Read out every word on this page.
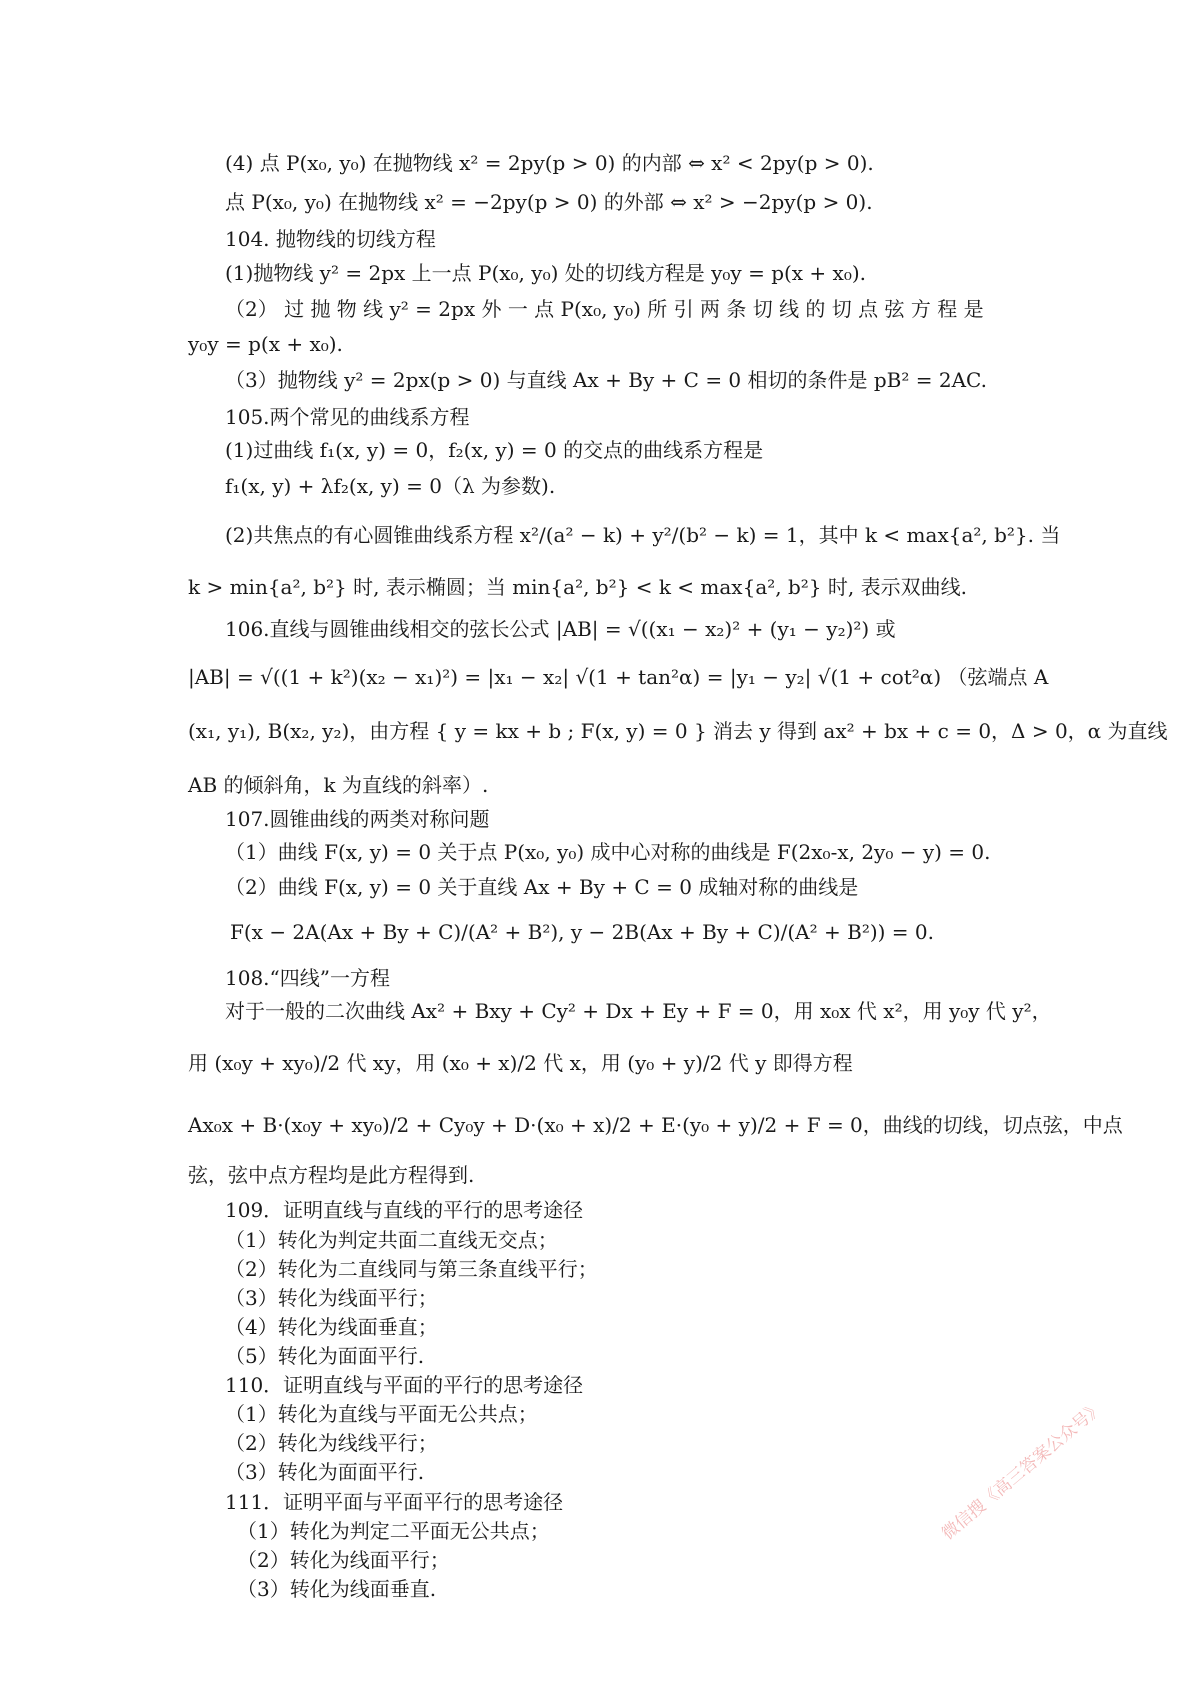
(4) 点 P(x₀, y₀) 在抛物线 x² = 2py(p > 0) 的内部 ⇔ x² < 2py(p > 0).
点 P(x₀, y₀) 在抛物线 x² = −2py(p > 0) 的外部 ⇔ x² > −2py(p > 0).
104. 抛物线的切线方程
(1)抛物线 y² = 2px 上一点 P(x₀, y₀) 处的切线方程是 y₀y = p(x + x₀).
（2） 过 抛 物 线 y² = 2px 外 一 点 P(x₀, y₀) 所 引 两 条 切 线 的 切 点 弦 方 程 是
y₀y = p(x + x₀).
（3）抛物线 y² = 2px(p > 0) 与直线 Ax + By + C = 0 相切的条件是 pB² = 2AC.
105.两个常见的曲线系方程
(1)过曲线 f₁(x, y) = 0，f₂(x, y) = 0 的交点的曲线系方程是
f₁(x, y) + λf₂(x, y) = 0（λ 为参数).
(2)共焦点的有心圆锥曲线系方程 x²/(a² − k) + y²/(b² − k) = 1，其中 k < max{a², b²}. 当
k > min{a², b²} 时, 表示椭圆；当 min{a², b²} < k < max{a², b²} 时, 表示双曲线.
106.直线与圆锥曲线相交的弦长公式 |AB| = √((x₁ − x₂)² + (y₁ − y₂)²) 或
|AB| = √((1 + k²)(x₂ − x₁)²) = |x₁ − x₂| √(1 + tan²α) = |y₁ − y₂| √(1 + cot²α) （弦端点 A
(x₁, y₁), B(x₂, y₂)，由方程 { y = kx + b ; F(x, y) = 0 } 消去 y 得到 ax² + bx + c = 0，Δ > 0，α 为直线
AB 的倾斜角，k 为直线的斜率）.
107.圆锥曲线的两类对称问题
（1）曲线 F(x, y) = 0 关于点 P(x₀, y₀) 成中心对称的曲线是 F(2x₀-x, 2y₀ − y) = 0.
（2）曲线 F(x, y) = 0 关于直线 Ax + By + C = 0 成轴对称的曲线是
F(x − 2A(Ax + By + C)/(A² + B²), y − 2B(Ax + By + C)/(A² + B²)) = 0.
108.“四线”一方程
对于一般的二次曲线 Ax² + Bxy + Cy² + Dx + Ey + F = 0，用 x₀x 代 x²，用 y₀y 代 y²，
用 (x₀y + xy₀)/2 代 xy，用 (x₀ + x)/2 代 x，用 (y₀ + y)/2 代 y 即得方程
Ax₀x + B·(x₀y + xy₀)/2 + Cy₀y + D·(x₀ + x)/2 + E·(y₀ + y)/2 + F = 0，曲线的切线，切点弦，中点
弦，弦中点方程均是此方程得到.
109．证明直线与直线的平行的思考途径
（1）转化为判定共面二直线无交点；
（2）转化为二直线同与第三条直线平行；
（3）转化为线面平行；
（4）转化为线面垂直；
（5）转化为面面平行.
110．证明直线与平面的平行的思考途径
（1）转化为直线与平面无公共点；
（2）转化为线线平行；
（3）转化为面面平行.
111．证明平面与平面平行的思考途径
（1）转化为判定二平面无公共点；
（2）转化为线面平行；
（3）转化为线面垂直.
微信搜《高三答案公众号》
